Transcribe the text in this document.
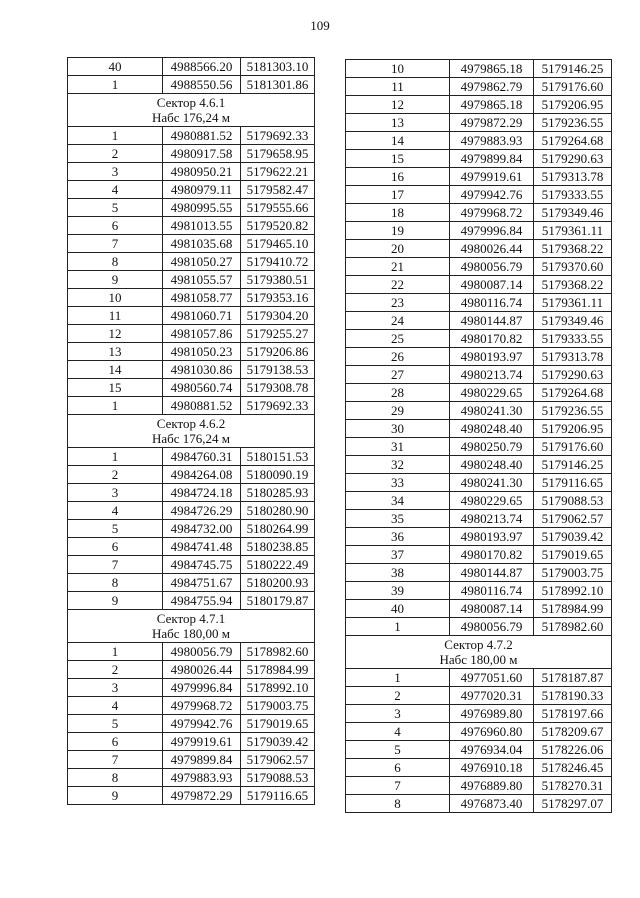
109
40	4988566.20	5181303.10
1	4988550.56	5181301.86

Сектор 4.6.1
Набс 176,24 м		

1	4980881.52	5179692.33
2	4980917.58	5179658.95
3	4980950.21	5179622.21
4	4980979.11	5179582.47
5	4980995.55	5179555.66
6	4981013.55	5179520.82
7	4981035.68	5179465.10
8	4981050.27	5179410.72
9	4981055.57	5179380.51
10	4981058.77	5179353.16
11	4981060.71	5179304.20
12	4981057.86	5179255.27
13	4981050.23	5179206.86
14	4981030.86	5179138.53
15	4980560.74	5179308.78
1	4980881.52	5179692.33

Сектор 4.6.2
Набс 176,24 м		

1	4984760.31	5180151.53
2	4984264.08	5180090.19
3	4984724.18	5180285.93
4	4984726.29	5180280.90
5	4984732.00	5180264.99
6	4984741.48	5180238.85
7	4984745.75	5180222.49
8	4984751.67	5180200.93
9	4984755.94	5180179.87

Сектор 4.7.1
Набс 180,00 м		

1	4980056.79	5178982.60
2	4980026.44	5178984.99
3	4979996.84	5178992.10
4	4979968.72	5179003.75
5	4979942.76	5179019.65
6	4979919.61	5179039.42
7	4979899.84	5179062.57
8	4979883.93	5179088.53
9	4979872.29	5179116.65
10	4979865.18	5179146.25
11	4979862.79	5179176.60
12	4979865.18	5179206.95
13	4979872.29	5179236.55
14	4979883.93	5179264.68
15	4979899.84	5179290.63
16	4979919.61	5179313.78
17	4979942.76	5179333.55
18	4979968.72	5179349.46
19	4979996.84	5179361.11
20	4980026.44	5179368.22
21	4980056.79	5179370.60
22	4980087.14	5179368.22
23	4980116.74	5179361.11
24	4980144.87	5179349.46
25	4980170.82	5179333.55
26	4980193.97	5179313.78
27	4980213.74	5179290.63
28	4980229.65	5179264.68
29	4980241.30	5179236.55
30	4980248.40	5179206.95
31	4980250.79	5179176.60
32	4980248.40	5179146.25
33	4980241.30	5179116.65
34	4980229.65	5179088.53
35	4980213.74	5179062.57
36	4980193.97	5179039.42
37	4980170.82	5179019.65
38	4980144.87	5179003.75
39	4980116.74	5178992.10
40	4980087.14	5178984.99
1	4980056.79	5178982.60

Сектор 4.7.2
Набс 180,00 м		

1	4977051.60	5178187.87
2	4977020.31	5178190.33
3	4976989.80	5178197.66
4	4976960.80	5178209.67
5	4976934.04	5178226.06
6	4976910.18	5178246.45
7	4976889.80	5178270.31
8	4976873.40	5178297.07
